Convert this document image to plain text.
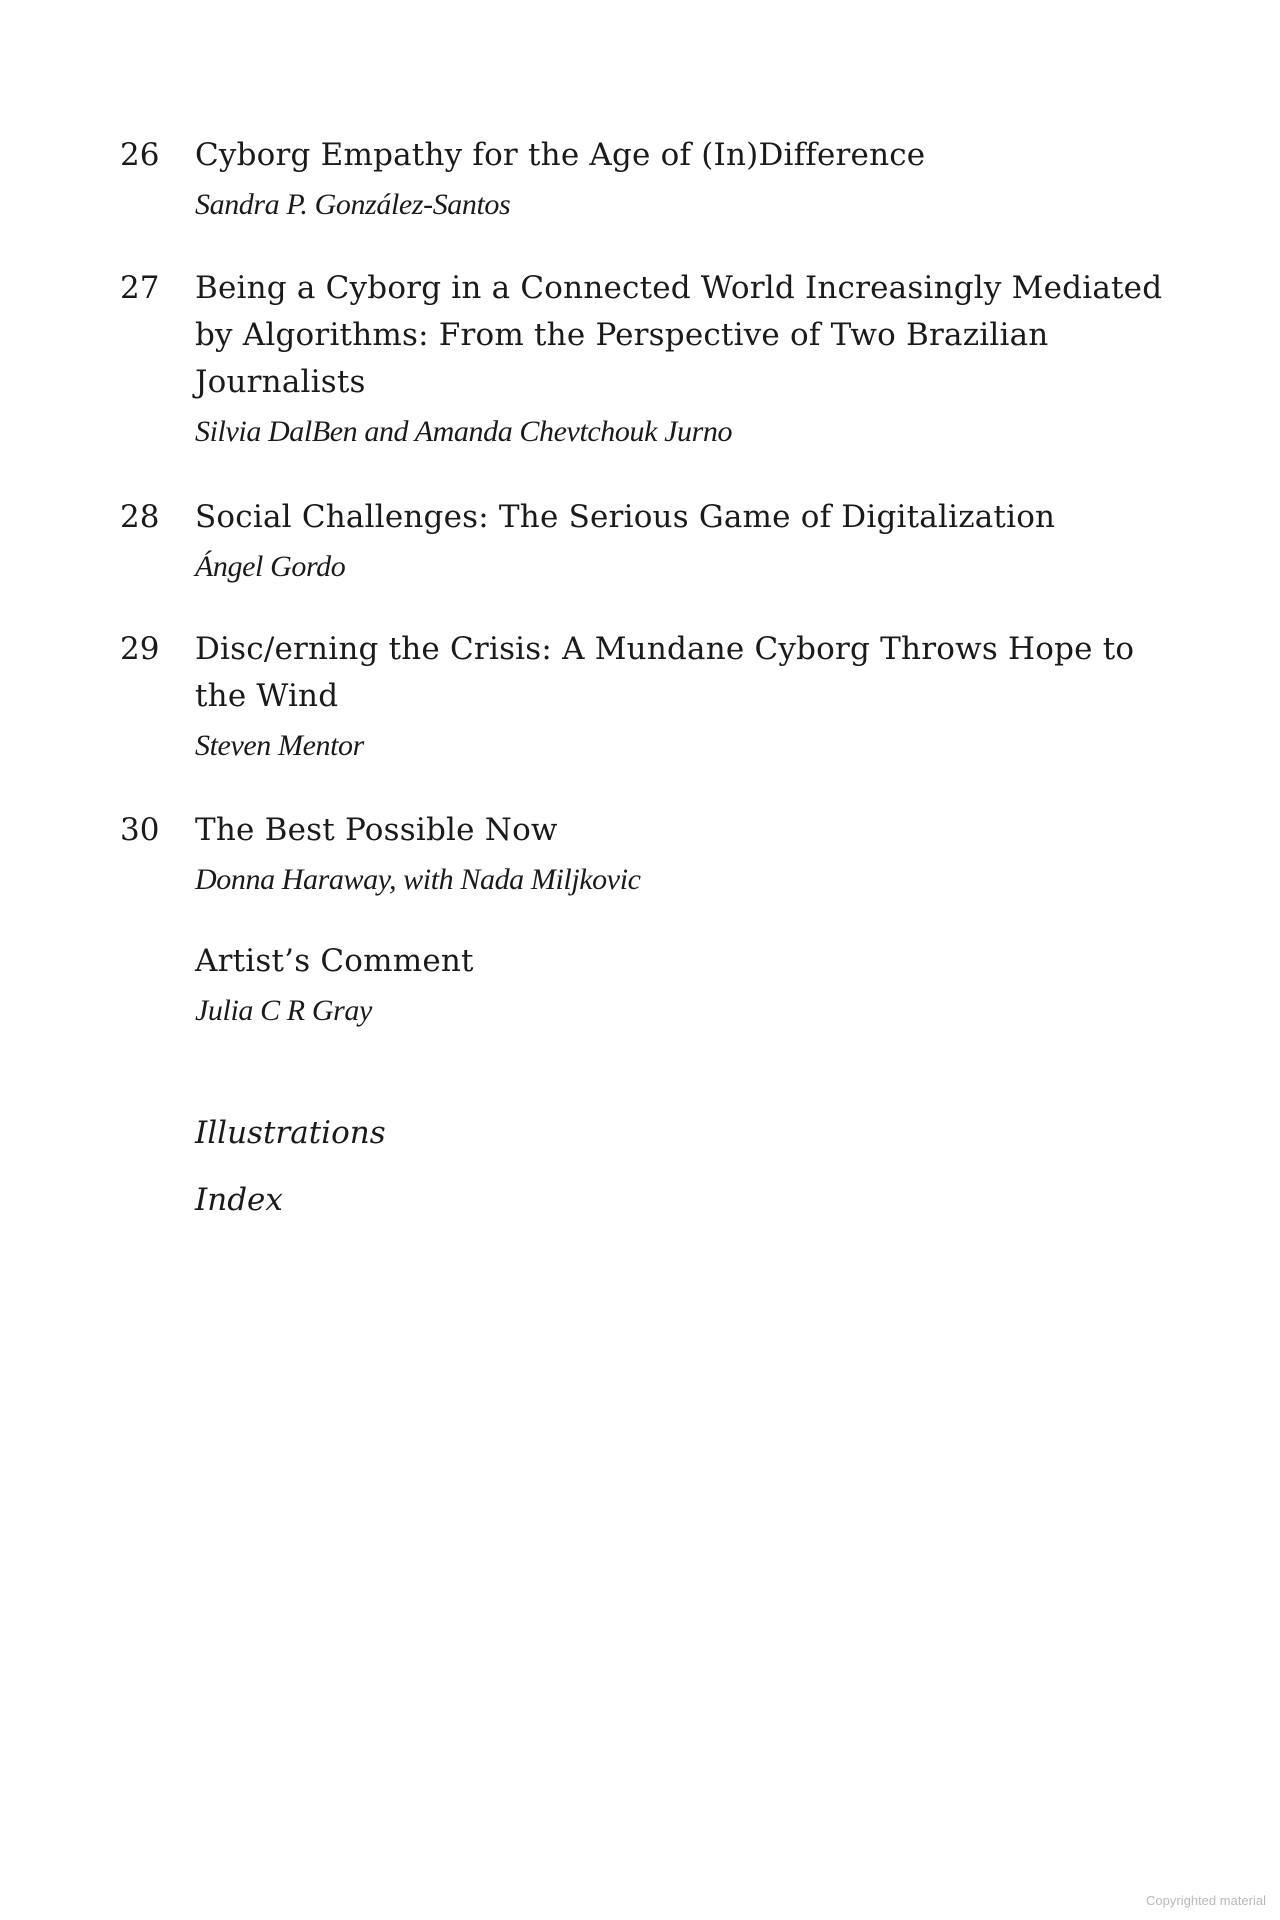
26	Cyborg Empathy for the Age of (In)Difference

Sandra P. González-Santos
27	Being a Cyborg in a Connected World Increasingly Mediated

by Algorithms: From the Perspective of Two Brazilian

Journalists

Silvia DalBen and Amanda Chevtchouk Jurno
28	Social Challenges: The Serious Game of Digitalization

Ángel Gordo
29	Disc/erning the Crisis: A Mundane Cyborg Throws Hope to

the Wind

Steven Mentor
30	The Best Possible Now

Donna Haraway, with Nada Miljkovic

Artist’s Comment

Julia C R Gray
Illustrations
Index
Copyrighted material
